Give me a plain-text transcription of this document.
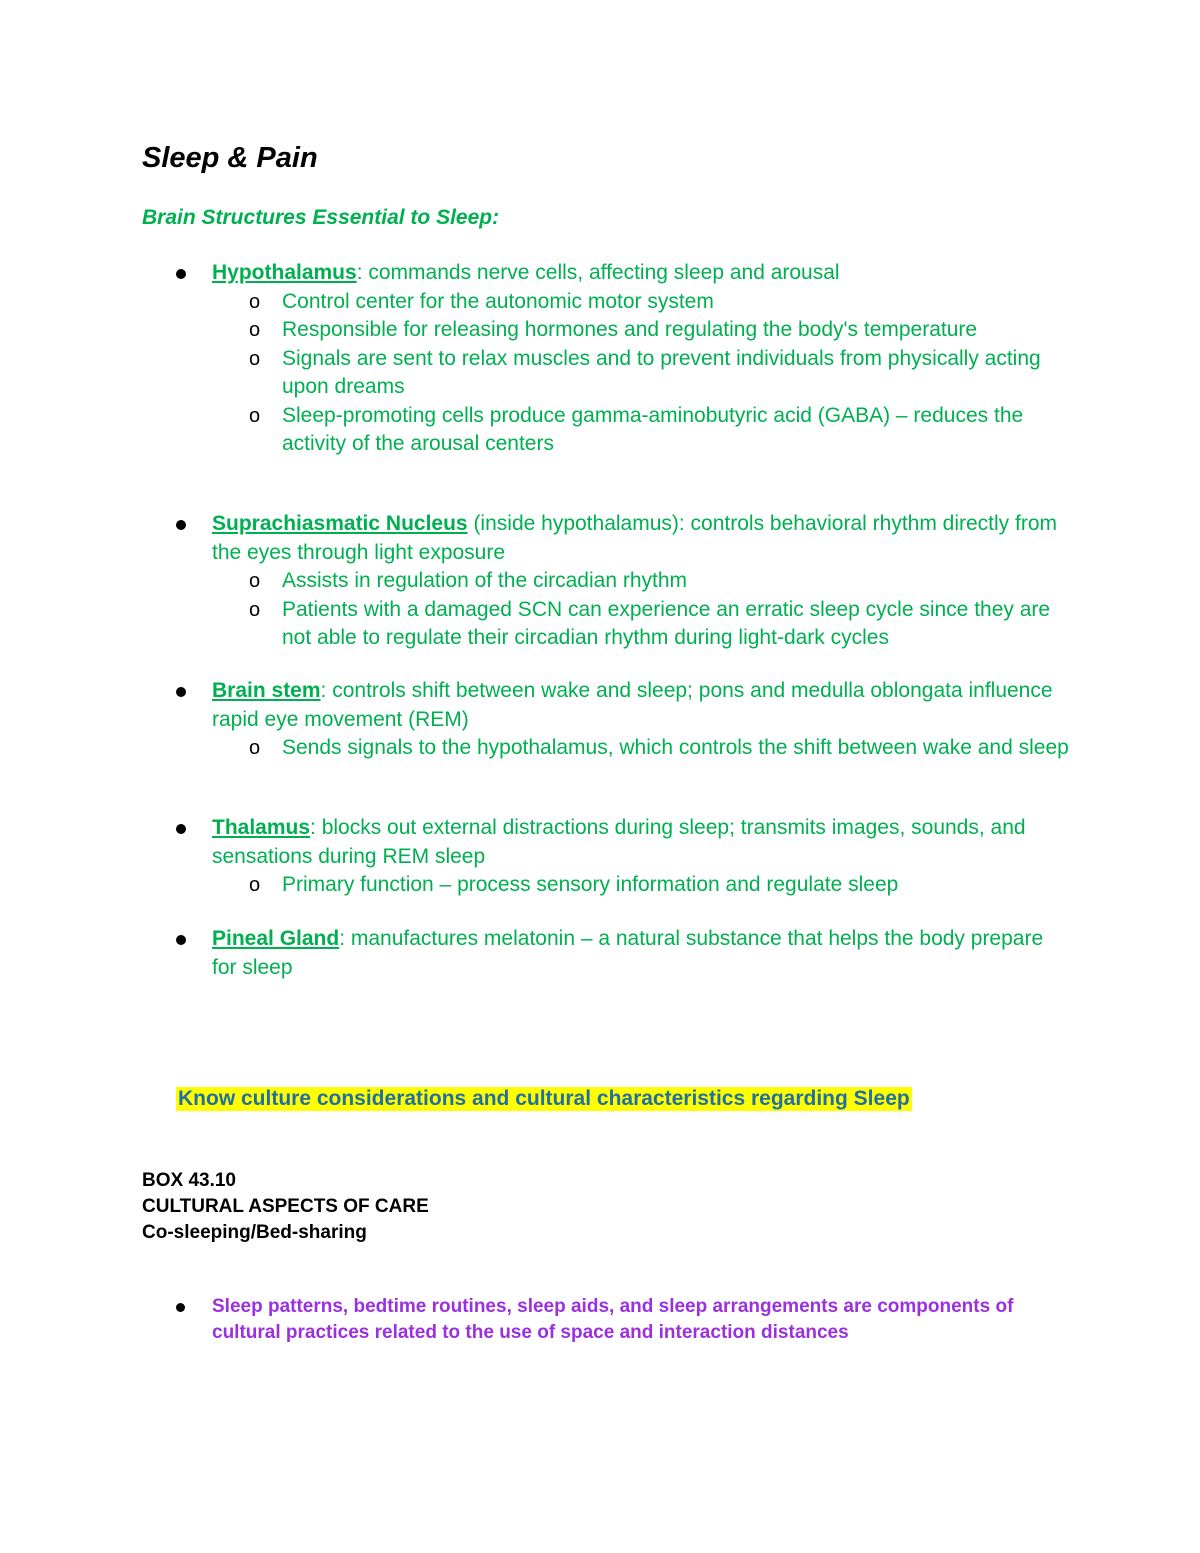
Sleep & Pain
Brain Structures Essential to Sleep:
Hypothalamus: commands nerve cells, affecting sleep and arousal
o Control center for the autonomic motor system
o Responsible for releasing hormones and regulating the body's temperature
o Signals are sent to relax muscles and to prevent individuals from physically acting upon dreams
o Sleep-promoting cells produce gamma-aminobutyric acid (GABA) – reduces the activity of the arousal centers
Suprachiasmatic Nucleus (inside hypothalamus): controls behavioral rhythm directly from the eyes through light exposure
o Assists in regulation of the circadian rhythm
o Patients with a damaged SCN can experience an erratic sleep cycle since they are not able to regulate their circadian rhythm during light-dark cycles
Brain stem: controls shift between wake and sleep; pons and medulla oblongata influence rapid eye movement (REM)
o Sends signals to the hypothalamus, which controls the shift between wake and sleep
Thalamus: blocks out external distractions during sleep; transmits images, sounds, and sensations during REM sleep
o Primary function – process sensory information and regulate sleep
Pineal Gland: manufactures melatonin – a natural substance that helps the body prepare for sleep
Know culture considerations and cultural characteristics regarding Sleep
BOX 43.10
CULTURAL ASPECTS OF CARE
Co-sleeping/Bed-sharing
Sleep patterns, bedtime routines, sleep aids, and sleep arrangements are components of cultural practices related to the use of space and interaction distances
